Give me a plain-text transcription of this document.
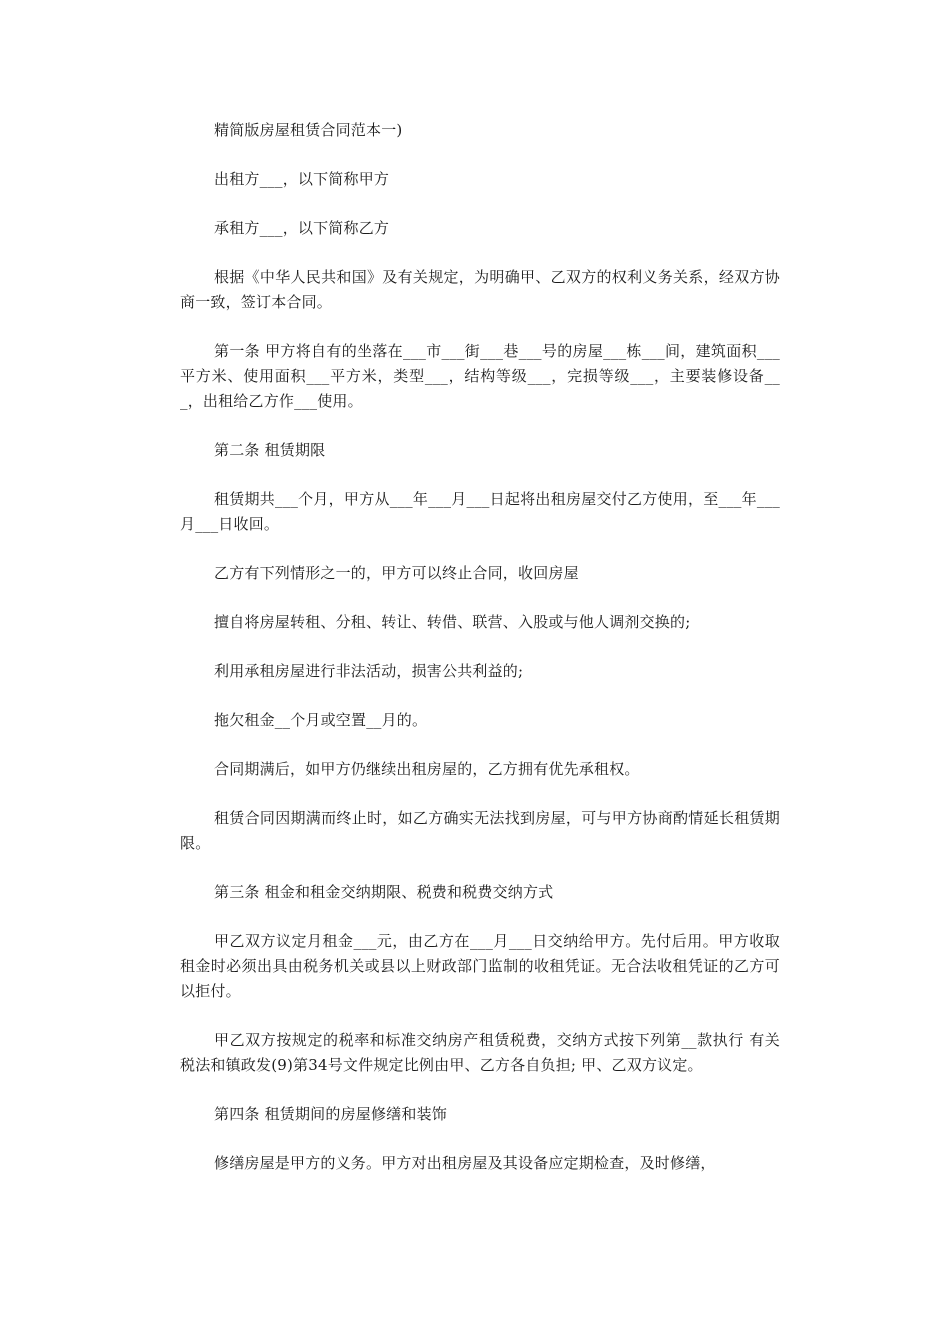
精简版房屋租赁合同范本一)

出租方___，以下简称甲方

承租方___，以下简称乙方

根据《中华人民共和国》及有关规定，为明确甲、乙双方的权利义务关系，经双方协商一致，签订本合同。

第一条 甲方将自有的坐落在___市___街___巷___号的房屋___栋___间，建筑面积___平方米、使用面积___平方米，类型___，结构等级___，完损等级___，主要装修设备___，出租给乙方作___使用。

第二条 租赁期限

租赁期共___个月，甲方从___年___月___日起将出租房屋交付乙方使用，至___年___月___日收回。

乙方有下列情形之一的，甲方可以终止合同，收回房屋

擅自将房屋转租、分租、转让、转借、联营、入股或与他人调剂交换的;

利用承租房屋进行非法活动，损害公共利益的;

拖欠租金__个月或空置__月的。

合同期满后，如甲方仍继续出租房屋的，乙方拥有优先承租权。

租赁合同因期满而终止时，如乙方确实无法找到房屋，可与甲方协商酌情延长租赁期限。

第三条 租金和租金交纳期限、税费和税费交纳方式

甲乙双方议定月租金___元，由乙方在___月___日交纳给甲方。先付后用。甲方收取租金时必须出具由税务机关或县以上财政部门监制的收租凭证。无合法收租凭证的乙方可以拒付。

甲乙双方按规定的税率和标准交纳房产租赁税费，交纳方式按下列第__款执行 有关税法和镇政发(9)第34号文件规定比例由甲、乙方各自负担; 甲、乙双方议定。

第四条 租赁期间的房屋修缮和装饰

修缮房屋是甲方的义务。甲方对出租房屋及其设备应定期检查，及时修缮，
